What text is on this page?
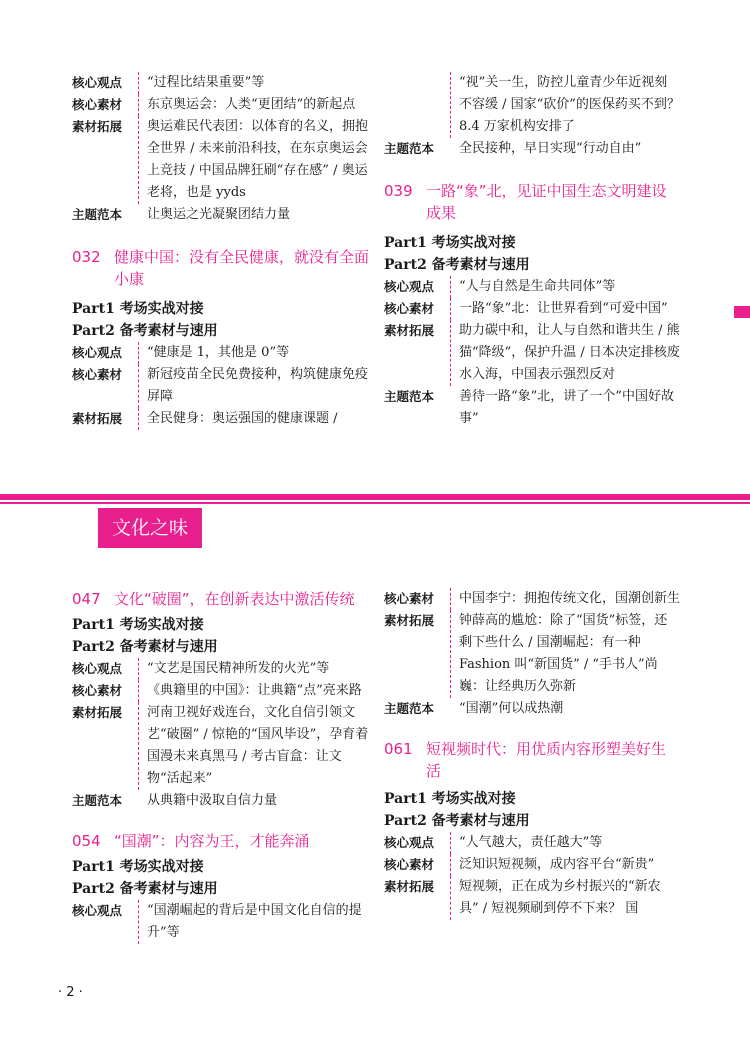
文化之味
核心观点	“过程比结果重要”等
核心素材	东京奥运会：人类“更团结”的新起点
素材拓展	奥运难民代表团：以体育的名义，拥抱全世界 / 未来前沿科技，在东京奥运会上竞技 / 中国品牌狂刷“存在感” / 奥运老将，也是 yyds
主题范本	让奥运之光凝聚团结力量

032 健康中国：没有全民健康，就没有全面小康

Part1 考场实战对接
Part2 备考素材与速用
核心观点	“健康是 1，其他是 0”等
核心素材	新冠疫苗全民免费接种，构筑健康免疫屏障
素材拓展	全民健身：奥运强国的健康课题 /
“视”关一生，防控儿童青少年近视刻不容缓 / 国家“砍价”的医保药买不到？ 8.4 万家机构安排了
主题范本	全民接种，早日实现“行动自由”

039 一路“象”北，见证中国生态文明建设成果

Part1 考场实战对接
Part2 备考素材与速用
核心观点	“人与自然是生命共同体”等
核心素材	一路“象”北：让世界看到“可爱中国”
素材拓展	助力碳中和，让人与自然和谐共生 / 熊猫“降级”，保护升温 / 日本决定排核废水入海，中国表示强烈反对
主题范本	善待一路“象”北，讲了一个“中国好故事”

047 文化“破圈”，在创新表达中激活传统

Part1 考场实战对接
Part2 备考素材与速用
核心观点	“文艺是国民精神所发的火光”等
核心素材	《典籍里的中国》：让典籍“点”亮来路
素材拓展	河南卫视好戏连台，文化自信引领文艺“破圈” / 惊艳的“国风毕设”，孕育着国漫未来真黑马 / 考古盲盒：让文物“活起来”
主题范本	从典籍中汲取自信力量

054 “国潮”：内容为王，才能奔涌

Part1 考场实战对接
Part2 备考素材与速用
核心观点	“国潮崛起的背后是中国文化自信的提升”等
核心素材	中国李宁：拥抱传统文化，国潮创新生
素材拓展	钟薛高的尴尬：除了“国货”标签，还剩下些什么 / 国潮崛起：有一种 Fashion 叫“新国货” / “手书人”尚巍：让经典历久弥新
主题范本	“国潮”何以成热潮

061 短视频时代：用优质内容形塑美好生活

Part1 考场实战对接
Part2 备考素材与速用
核心观点	“人气越大，责任越大”等
核心素材	泛知识短视频，成内容平台“新贵”
素材拓展	短视频，正在成为乡村振兴的“新农具” / 短视频刷到停不下来？ 国
· 2 ·
